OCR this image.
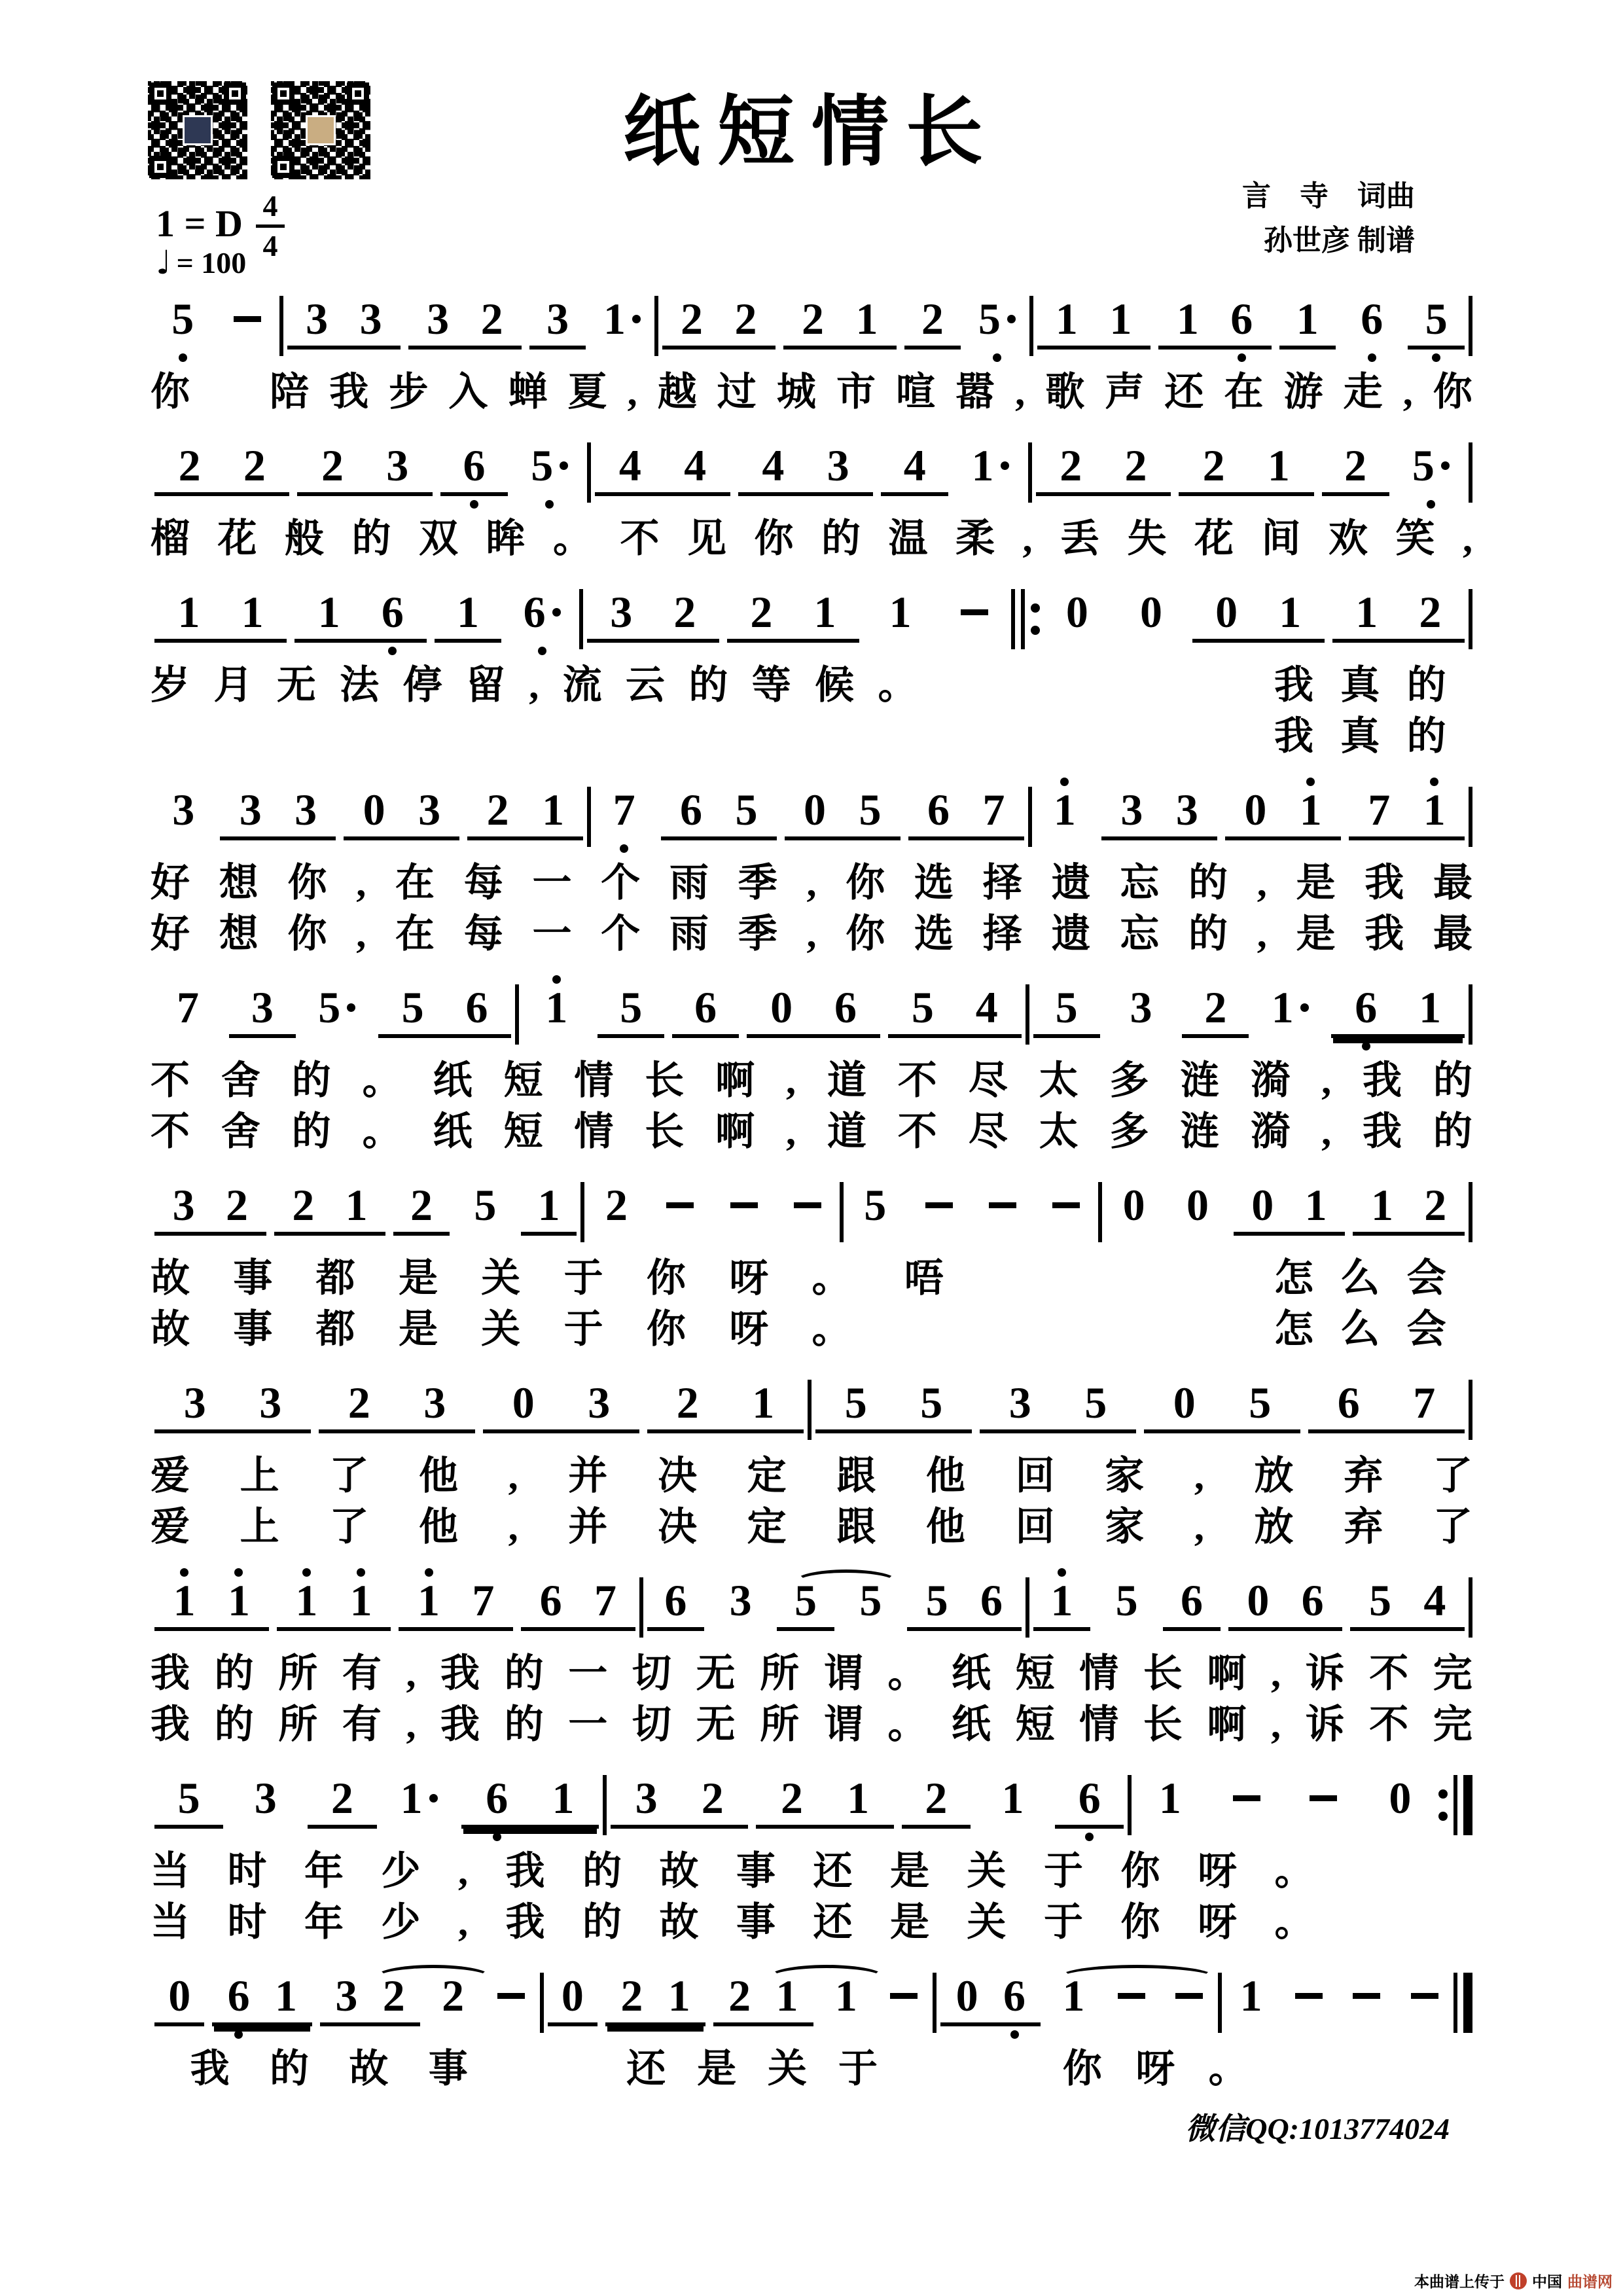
纸短情长
言　寺　词曲
孙世彦 制谱
1 = D 4
4
♩ = 100
5	3 3 3 2 3 1 2 2 2 1 2 5 1 1 1 6 1 6 5
你
　 陪 我 步 入 蝉 夏 , 越 过 城 市 喧 嚣 , 歌 声 还 在 游 走 , 你
2 2 2 3 6 5 4 4 4 3 4 1 2 2 2 1 2 5
榴 花 般 的 双 眸 。 不 见 你 的 温 柔 , 丢 失 花 间 欢 笑 ,
1 1 1 6 1 6 3 2 2 1 1	0 0 0 1 1 2
岁 月 无 法 停 留 , 流 云 的 等 候 。	我 真 的
我 真 的
3 3 3 0 3 2 1 7 6 5 0 5 6 7 1 3 3 0 1 7 1
好 想 你 , 在 每 一 个 雨 季 , 你 选 择 遗 忘 的 , 是 我 最
好 想 你 , 在 每 一 个 雨 季 , 你 选 择 遗 忘 的 , 是 我 最
7 3 5 5 6 1 5 6 0 6 5 4 5 3 2 1 6 1
不 舍 的 。 纸 短 情 长 啊 , 道 不 尽 太 多 涟 漪 , 我 的
不 舍 的 。 纸 短 情 长 啊 , 道 不 尽 太 多 涟 漪 , 我 的
3 2 2 1 2 5 1 2	5	0 0 0 1 1 2
故 事 都 是 关 于 你 呀 。 唔	怎 么 会
故 事 都 是 关 于 你 呀 。	怎 么 会
3 3 2 3 0 3 2 1 5 5 3 5 0 5 6 7
爱 上 了 他 , 并 决 定 跟 他 回 家 , 放 弃 了
爱 上 了 他 , 并 决 定 跟 他 回 家 , 放 弃 了
1 1 1 1 1 7 6 7 6 3 5 5 5 6 1 5 6 0 6 5 4
我 的 所 有 , 我 的 一 切 无 所 谓 。 纸 短 情 长 啊 , 诉 不 完
我 的 所 有 , 我 的 一 切 无 所 谓 。 纸 短 情 长 啊 , 诉 不 完
5 3 2 1 6 1 3 2 2 1 2 1 6 1	0
当 时 年 少 , 我 的 故 事 还 是 关 于 你 呀 。
当 时 年 少 , 我 的 故 事 还 是 关 于 你 呀 。
0 6 1 3 2 2 0 2 1 2 1 1 0 6 1	1
我 的 故 事	还 是 关 于	你 呀 。
微信QQ:1013774024
本曲谱上传于 中国 曲谱网
